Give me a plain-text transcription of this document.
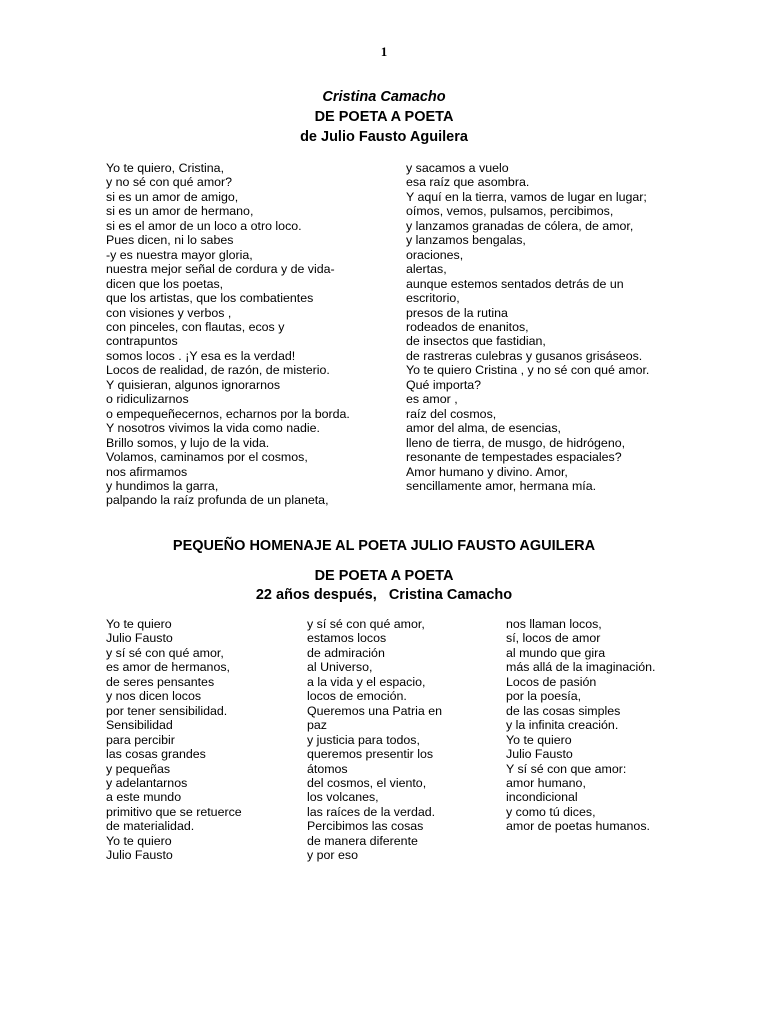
1
Cristina Camacho
DE POETA A POETA
de Julio Fausto Aguilera
Yo te quiero, Cristina,
y no sé con qué amor?
si es un amor de amigo,
si es un amor de hermano,
si es el amor de un loco a otro loco.
Pues dicen, ni lo sabes
-y es nuestra mayor gloria,
nuestra mejor señal de cordura y de vida-
dicen que los poetas,
que los artistas, que los combatientes
con visiones y verbos ,
con pinceles, con flautas, ecos y
contrapuntos
somos locos . ¡Y esa es la verdad!
Locos de realidad, de razón, de misterio.
Y quisieran, algunos ignorarnos
o ridiculizarnos
o empequeñecernos, echarnos por la borda.
Y nosotros vivimos la vida como nadie.
Brillo somos, y lujo de la vida.
Volamos, caminamos por el cosmos,
nos afirmamos
y hundimos la garra,
palpando la raíz profunda de un planeta,
y sacamos a vuelo
esa raíz que asombra.
Y aquí en la tierra, vamos de lugar en lugar;
oímos, vemos, pulsamos, percibimos,
y lanzamos granadas de cólera, de amor,
y lanzamos bengalas,
oraciones,
alertas,
aunque estemos sentados detrás de un
escritorio,
presos de la rutina
rodeados de enanitos,
de insectos que fastidian,
de rastreras culebras y gusanos grisáseos.
Yo te quiero Cristina , y no sé con qué amor.
Qué importa?
es amor ,
raíz del cosmos,
amor del alma, de esencias,
lleno de tierra, de musgo, de hidrógeno,
resonante de tempestades espaciales?
Amor humano y divino. Amor,
sencillamente amor, hermana mía.
PEQUEÑO HOMENAJE AL POETA JULIO FAUSTO AGUILERA
DE POETA A POETA
22 años después,   Cristina Camacho
Yo te quiero
Julio Fausto
y sí sé con qué amor,
es amor de hermanos,
de seres pensantes
y nos dicen locos
por tener sensibilidad.
Sensibilidad
para percibir
las cosas grandes
y pequeñas
y adelantarnos
a este mundo
primitivo que se retuerce
de materialidad.
Yo te quiero
Julio Fausto
y sí sé con qué amor,
estamos locos
de admiración
al Universo,
a la vida y el espacio,
locos de emoción.
Queremos una Patria en
paz
y justicia para todos,
queremos presentir los
átomos
del cosmos, el viento,
los volcanes,
las raíces de la verdad.
Percibimos las cosas
de manera diferente
y por eso
nos llaman locos,
sí, locos de amor
al mundo que gira
más allá de la imaginación.
Locos de pasión
por la poesía,
de las cosas simples
y la infinita creación.
Yo te quiero
Julio Fausto
Y sí sé con que amor:
amor humano,
incondicional
y como tú dices,
amor de poetas humanos.
